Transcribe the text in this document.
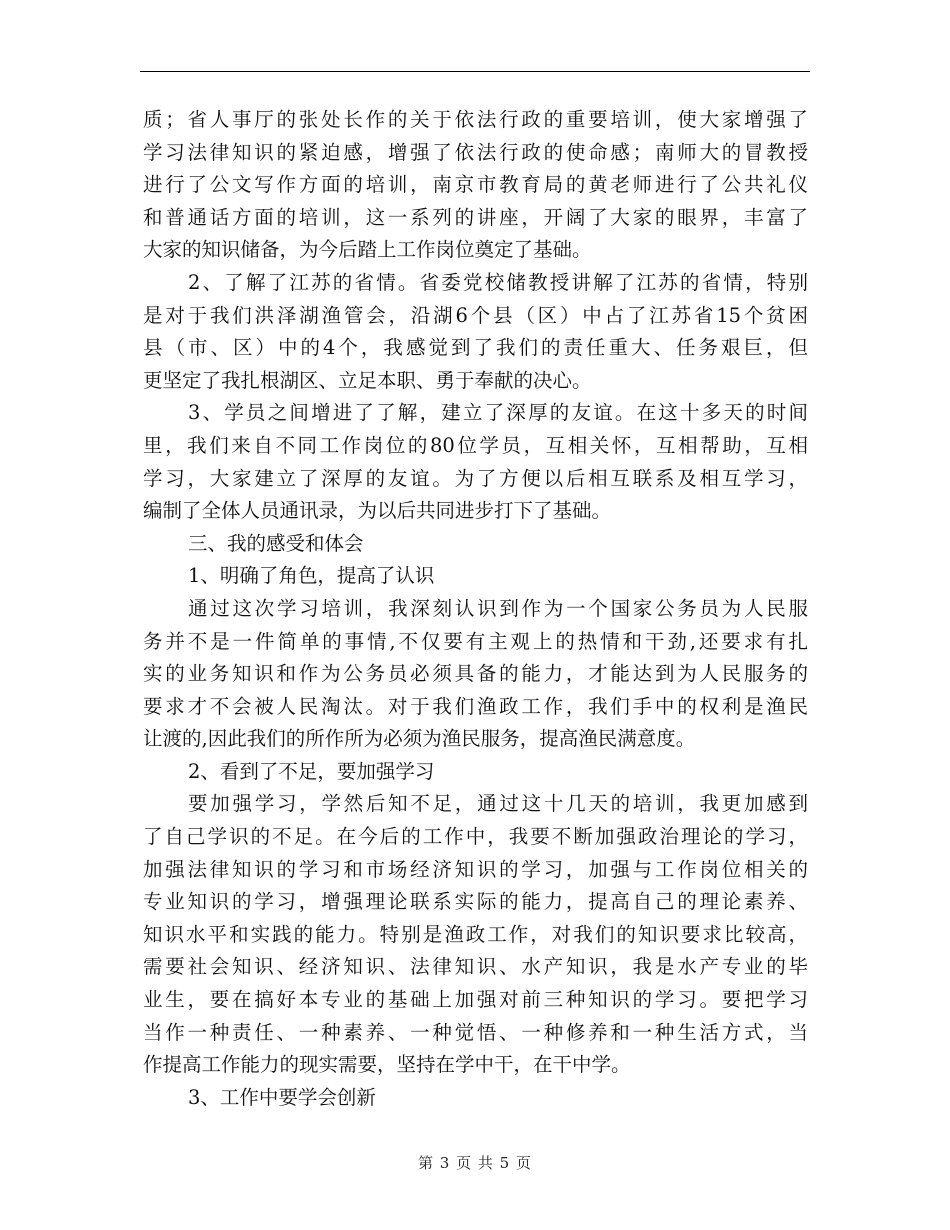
质；省人事厅的张处长作的关于依法行政的重要培训，使大家增强了
学习法律知识的紧迫感，增强了依法行政的使命感；南师大的冒教授
进行了公文写作方面的培训，南京市教育局的黄老师进行了公共礼仪
和普通话方面的培训，这一系列的讲座，开阔了大家的眼界，丰富了
大家的知识储备，为今后踏上工作岗位奠定了基础。
2、了解了江苏的省情。省委党校储教授讲解了江苏的省情，特别
是对于我们洪泽湖渔管会，沿湖6个县（区）中占了江苏省15个贫困
县（市、区）中的4个，我感觉到了我们的责任重大、任务艰巨，但
更坚定了我扎根湖区、立足本职、勇于奉献的决心。
3、学员之间增进了了解，建立了深厚的友谊。在这十多天的时间
里，我们来自不同工作岗位的80位学员，互相关怀，互相帮助，互相
学习，大家建立了深厚的友谊。为了方便以后相互联系及相互学习，
编制了全体人员通讯录，为以后共同进步打下了基础。
三、我的感受和体会
1、明确了角色，提高了认识
通过这次学习培训，我深刻认识到作为一个国家公务员为人民服
务并不是一件简单的事情,不仅要有主观上的热情和干劲,还要求有扎
实的业务知识和作为公务员必须具备的能力，才能达到为人民服务的
要求才不会被人民淘汰。对于我们渔政工作，我们手中的权利是渔民
让渡的,因此我们的所作所为必须为渔民服务，提高渔民满意度。
2、看到了不足，要加强学习
要加强学习，学然后知不足，通过这十几天的培训，我更加感到
了自己学识的不足。在今后的工作中，我要不断加强政治理论的学习，
加强法律知识的学习和市场经济知识的学习，加强与工作岗位相关的
专业知识的学习，增强理论联系实际的能力，提高自己的理论素养、
知识水平和实践的能力。特别是渔政工作，对我们的知识要求比较高，
需要社会知识、经济知识、法律知识、水产知识，我是水产专业的毕
业生，要在搞好本专业的基础上加强对前三种知识的学习。要把学习
当作一种责任、一种素养、一种觉悟、一种修养和一种生活方式，当
作提高工作能力的现实需要，坚持在学中干，在干中学。
3、工作中要学会创新
第 3 页 共 5 页
